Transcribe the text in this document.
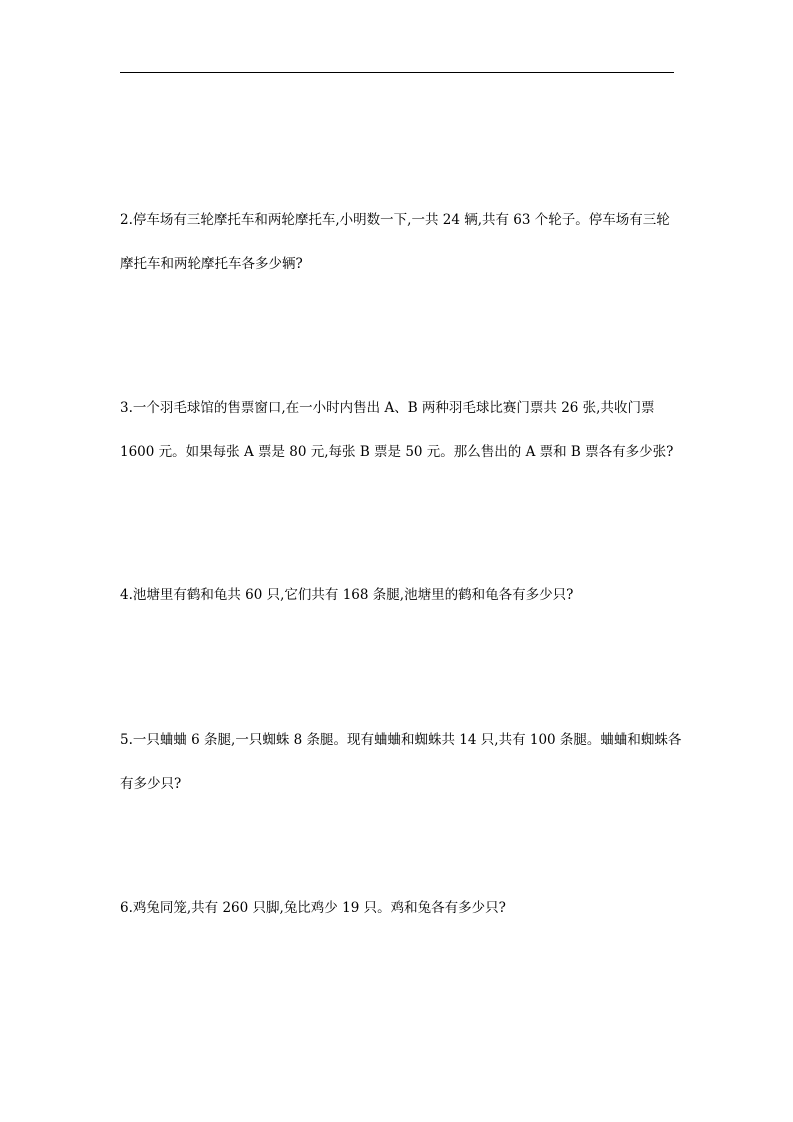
2.停车场有三轮摩托车和两轮摩托车,小明数一下,一共 24 辆,共有 63 个轮子。停车场有三轮
摩托车和两轮摩托车各多少辆?
3.一个羽毛球馆的售票窗口,在一小时内售出 A、B 两种羽毛球比赛门票共 26 张,共收门票
1600 元。如果每张 A 票是 80 元,每张 B 票是 50 元。那么售出的 A 票和 B 票各有多少张?
4.池塘里有鹤和龟共 60 只,它们共有 168 条腿,池塘里的鹤和龟各有多少只?
5.一只蛐蛐 6 条腿,一只蜘蛛 8 条腿。现有蛐蛐和蜘蛛共 14 只,共有 100 条腿。蛐蛐和蜘蛛各
有多少只?
6.鸡兔同笼,共有 260 只脚,兔比鸡少 19 只。鸡和兔各有多少只?
